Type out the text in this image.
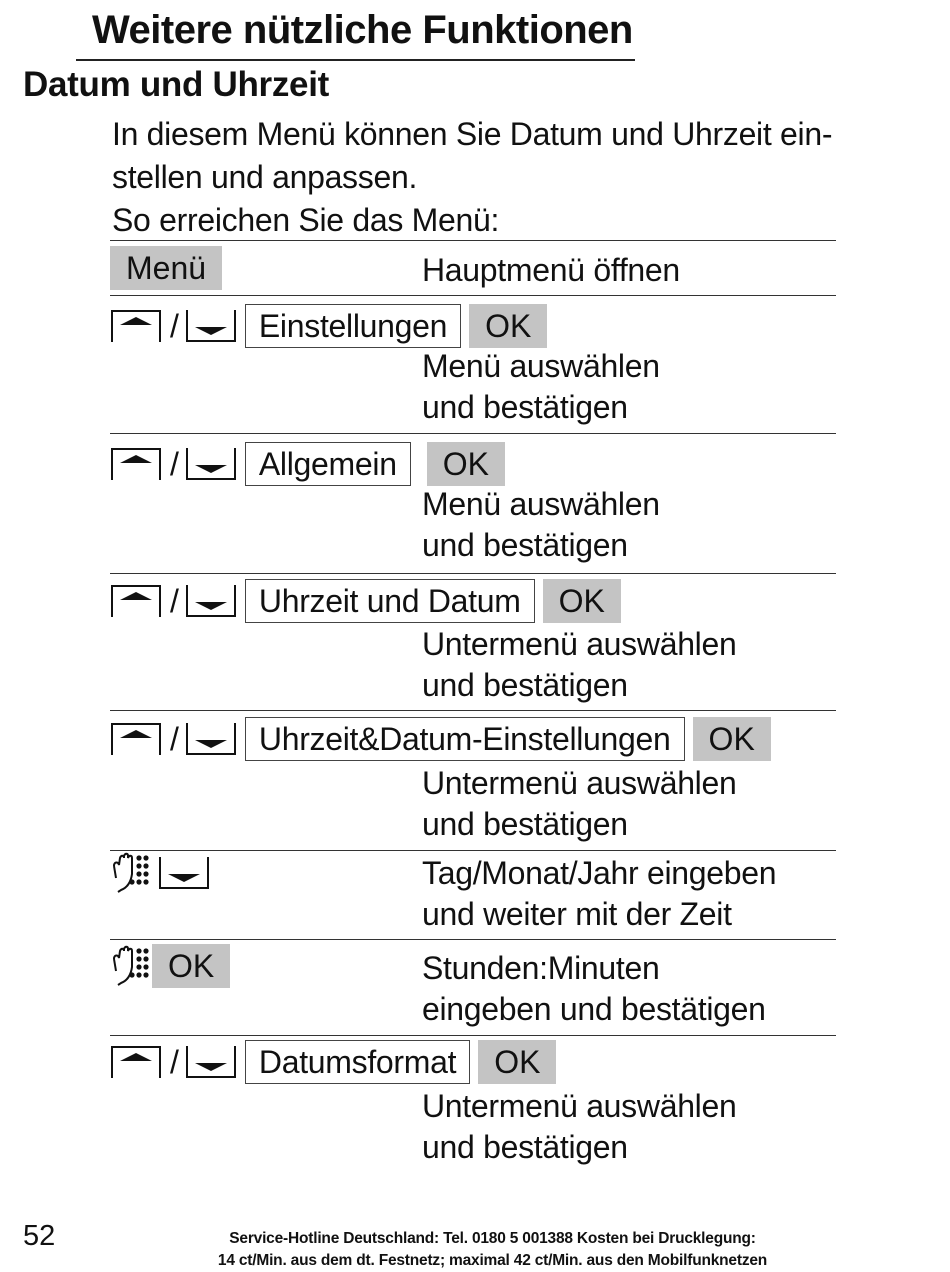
Weitere nützliche Funktionen
Datum und Uhrzeit
In diesem Menü können Sie Datum und Uhrzeit ein-
stellen und anpassen.
So erreichen Sie das Menü:
Menü	Hauptmenü öffnen
/	Einstellungen	OK
Menü auswählen
und bestätigen
/	Allgemein	OK
Menü auswählen
und bestätigen
/	Uhrzeit und Datum	OK
Untermenü auswählen
und bestätigen
/	Uhrzeit&Datum-Einstellungen	OK
Untermenü auswählen
und bestätigen
Tag/Monat/Jahr eingeben
und weiter mit der Zeit
OK	Stunden:Minuten
eingeben und bestätigen
/	Datumsformat	OK
Untermenü auswählen
und bestätigen
52	Service-Hotline Deutschland: Tel. 0180 5 001388 Kosten bei Drucklegung:
14 ct/Min. aus dem dt. Festnetz; maximal 42 ct/Min. aus den Mobilfunknetzen
